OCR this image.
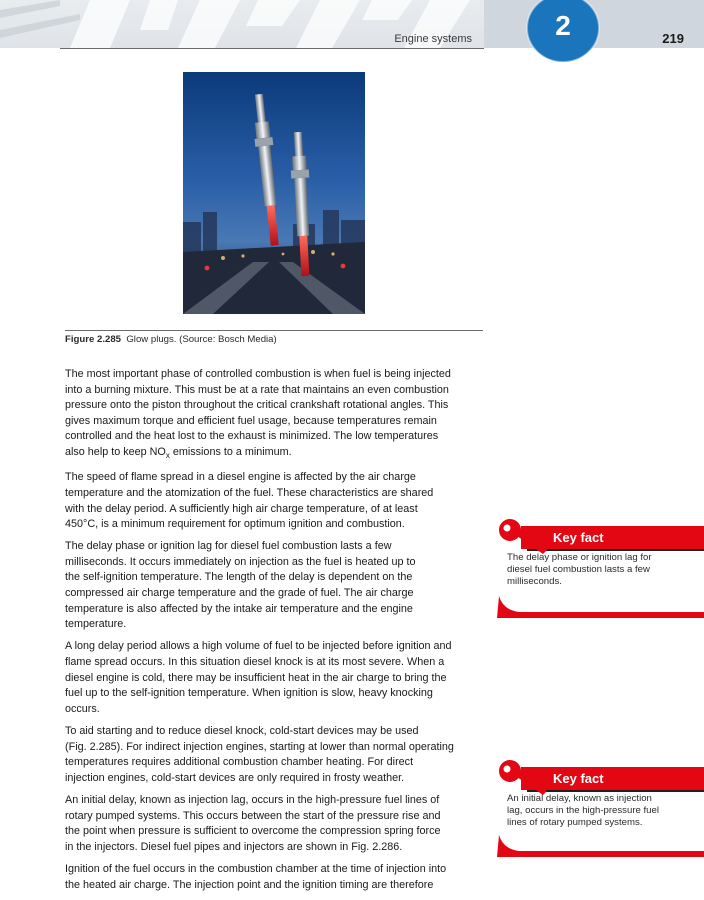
Engine systems	2	219
Figure 2.285 Glow plugs. (Source: Bosch Media)
The most important phase of controlled combustion is when fuel is being injected
into a burning mixture. This must be at a rate that maintains an even combustion
pressure onto the piston throughout the critical crankshaft rotational angles. This
gives maximum torque and efficient fuel usage, because temperatures remain
controlled and the heat lost to the exhaust is minimized. The low temperatures
also help to keep $NO_x$ emissions to a minimum.
The speed of flame spread in a diesel engine is affected by the air charge
temperature and the atomization of the fuel. These characteristics are shared
with the delay period. A sufficiently high air charge temperature, of at least
450°C, is a minimum requirement for optimum ignition and combustion.
The delay phase or ignition lag for diesel fuel combustion lasts a few
milliseconds. It occurs immediately on injection as the fuel is heated up to
the self-ignition temperature. The length of the delay is dependent on the
compressed air charge temperature and the grade of fuel. The air charge
temperature is also affected by the intake air temperature and the engine
temperature.
A long delay period allows a high volume of fuel to be injected before ignition and
flame spread occurs. In this situation diesel knock is at its most severe. When a
diesel engine is cold, there may be insufficient heat in the air charge to bring the
fuel up to the self-ignition temperature. When ignition is slow, heavy knocking
occurs.
To aid starting and to reduce diesel knock, cold-start devices may be used
(Fig. 2.285). For indirect injection engines, starting at lower than normal operating
temperatures requires additional combustion chamber heating. For direct
injection engines, cold-start devices are only required in frosty weather.
An initial delay, known as injection lag, occurs in the high-pressure fuel lines of
rotary pumped systems. This occurs between the start of the pressure rise and
the point when pressure is sufficient to overcome the compression spring force
in the injectors. Diesel fuel pipes and injectors are shown in Fig. 2.286.
Ignition of the fuel occurs in the combustion chamber at the time of injection into
the heated air charge. The injection point and the ignition timing are therefore
Key fact
The delay phase or ignition lag for
diesel fuel combustion lasts a few
milliseconds.
Key fact
An initial delay, known as injection
lag, occurs in the high-pressure fuel
lines of rotary pumped systems.
